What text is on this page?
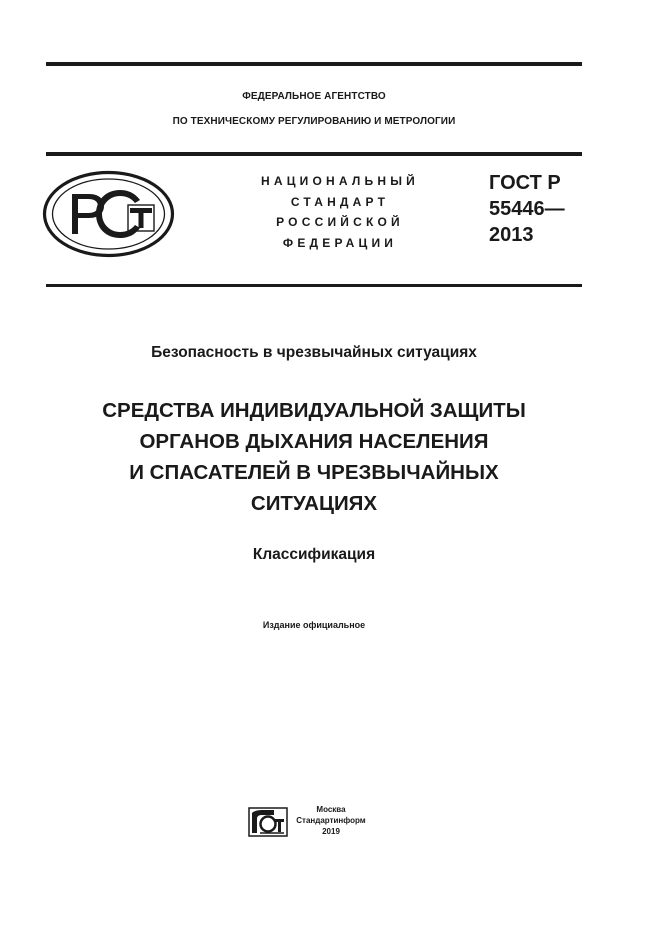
ФЕДЕРАЛЬНОЕ АГЕНТСТВО
ПО ТЕХНИЧЕСКОМУ РЕГУЛИРОВАНИЮ И МЕТРОЛОГИИ
НАЦИОНАЛЬНЫЙ
СТАНДАРТ
РОССИЙСКОЙ
ФЕДЕРАЦИИ
ГОСТ Р
55446—
2013
Безопасность в чрезвычайных ситуациях
СРЕДСТВА ИНДИВИДУАЛЬНОЙ ЗАЩИТЫ
ОРГАНОВ ДЫХАНИЯ НАСЕЛЕНИЯ
И СПАСАТЕЛЕЙ В ЧРЕЗВЫЧАЙНЫХ
СИТУАЦИЯХ
Классификация
Издание официальное
Москва
Стандартинформ
2019
